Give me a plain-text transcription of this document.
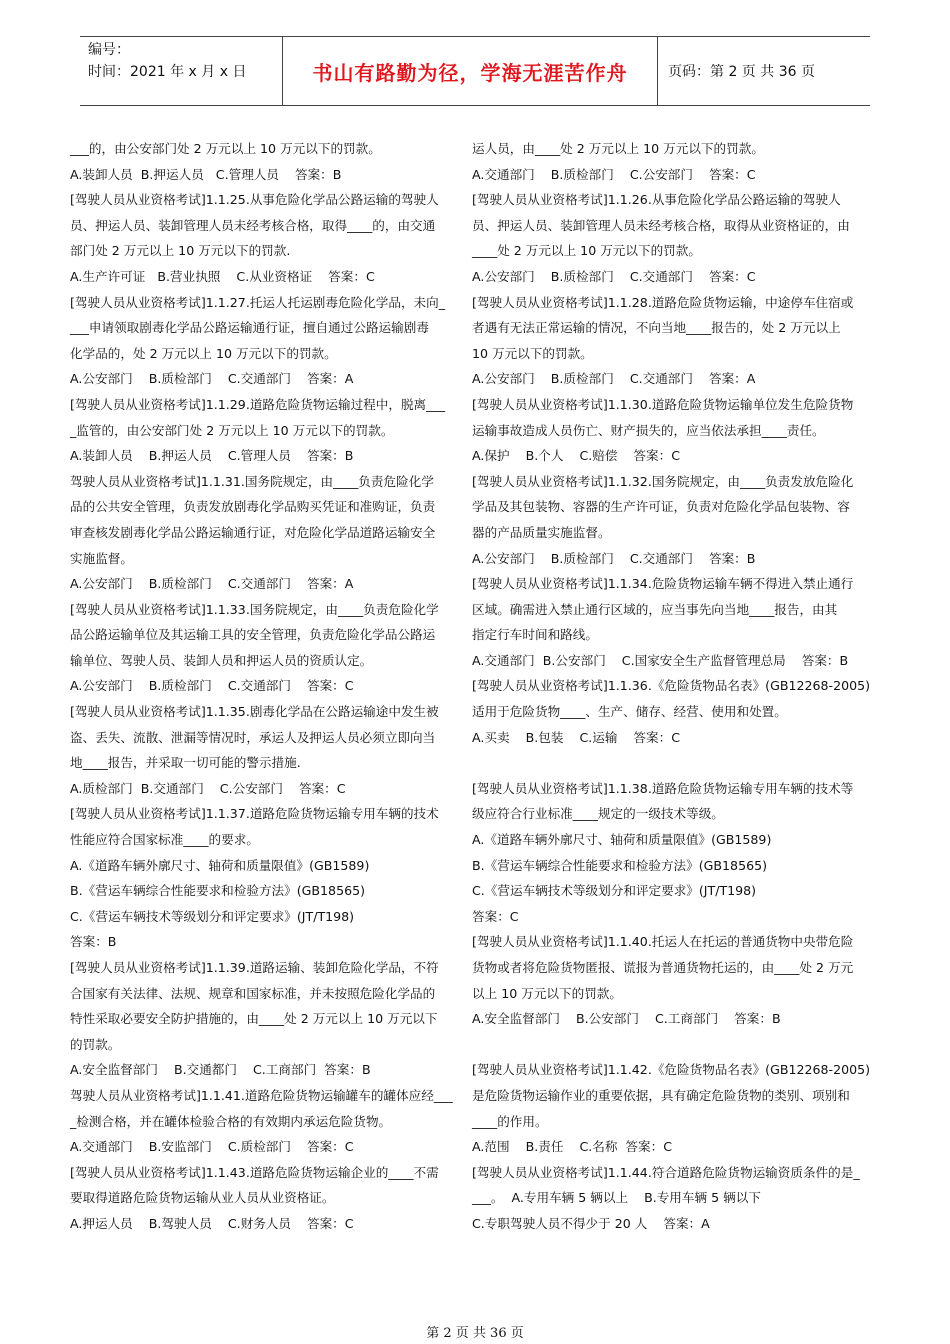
编号：
时间：2021 年 x 月 x 日	书山有路勤为径，学海无涯苦作舟	页码：第 2 页 共 36 页

___的，由公安部门处 2 万元以上 10 万元以下的罚款。

A.装卸人员  B.押运人员   C.管理人员    答案：B

[驾驶人员从业资格考试]1.1.25.从事危险化学品公路运输的驾驶人

员、押运人员、装卸管理人员未经考核合格，取得____的，由交通

部门处 2 万元以上 10 万元以下的罚款.

A.生产许可证   B.营业执照    C.从业资格证    答案：C

[驾驶人员从业资格考试]1.1.27.托运人托运剧毒危险化学品，未向_

___申请领取剧毒化学品公路运输通行证，擅自通过公路运输剧毒

化学品的，处 2 万元以上 10 万元以下的罚款。

A.公安部门    B.质检部门    C.交通部门    答案：A

[驾驶人员从业资格考试]1.1.29.道路危险货物运输过程中，脱离___

_监管的，由公安部门处 2 万元以上 10 万元以下的罚款。

A.装卸人员    B.押运人员    C.管理人员    答案：B

驾驶人员从业资格考试]1.1.31.国务院规定，由____负责危险化学

品的公共安全管理，负责发放剧毒化学品购买凭证和准购证，负责

审查核发剧毒化学品公路运输通行证，对危险化学品道路运输安全

实施监督。

A.公安部门    B.质检部门    C.交通部门    答案：A

[驾驶人员从业资格考试]1.1.33.国务院规定，由____负责危险化学

品公路运输单位及其运输工具的安全管理，负责危险化学品公路运

输单位、驾驶人员、装卸人员和押运人员的资质认定。

A.公安部门    B.质检部门    C.交通部门    答案：C

[驾驶人员从业资格考试]1.1.35.剧毒化学品在公路运输途中发生被

盗、丢失、流散、泄漏等情况时，承运人及押运人员必须立即向当

地____报告，并采取一切可能的警示措施.

A.质检部门  B.交通部门    C.公安部门    答案：C

[驾驶人员从业资格考试]1.1.37.道路危险货物运输专用车辆的技术

性能应符合国家标准____的要求。

A.《道路车辆外廓尺寸、轴荷和质量限值》(GB1589)

B.《营运车辆综合性能要求和检验方法》(GB18565)

C.《营运车辆技术等级划分和评定要求》(JT/T198)

答案：B

[驾驶人员从业资格考试]1.1.39.道路运输、装卸危险化学品，不符

合国家有关法律、法规、规章和国家标准，并未按照危险化学品的

特性采取必要安全防护措施的，由____处 2 万元以上 10 万元以下

的罚款。

A.安全监督部门    B.交通都门    C.工商部门  答案：B

驾驶人员从业资格考试]1.1.41.道路危险货物运输罐车的罐体应经___

_检测合格，并在罐体检验合格的有效期内承运危险货物。

A.交通部门    B.安监部门    C.质检部门    答案：C

[驾驶人员从业资格考试]1.1.43.道路危险货物运输企业的____不需

要取得道路危险货物运输从业人员从业资格证。

A.押运人员    B.驾驶人员    C.财务人员    答案：C

运人员，由____处 2 万元以上 10 万元以下的罚款。

A.交通部门    B.质检部门    C.公安部门    答案：C

[驾驶人员从业资格考试]1.1.26.从事危险化学品公路运输的驾驶人

员、押运人员、装卸管理人员未经考核合格，取得从业资格证的，由

____处 2 万元以上 10 万元以下的罚款。

A.公安部门    B.质检部门    C.交通部门    答案：C

[驾驶人员从业资格考试]1.1.28.道路危险货物运输，中途停车住宿或

者遇有无法正常运输的情况，不向当地____报告的，处 2 万元以上

10 万元以下的罚款。

A.公安部门    B.质检部门    C.交通部门    答案：A

[驾驶人员从业资格考试]1.1.30.道路危险货物运输单位发生危险货物

运输事故造成人员伤亡、财产损失的，应当依法承担____责任。

A.保护    B.个人    C.赔偿    答案：C

[驾驶人员从业资格考试]1.1.32.国务院规定，由____负责发放危险化

学品及其包装物、容器的生产许可证，负责对危险化学品包装物、容

器的产品质量实施监督。

A.公安部门    B.质检部门    C.交通部门    答案：B

[驾驶人员从业资格考试]1.1.34.危险货物运输车辆不得进入禁止通行

区域。确需进入禁止通行区域的，应当事先向当地____报告，由其

指定行车时间和路线。

A.交通部门  B.公安部门    C.国家安全生产监督管理总局    答案：B

[驾驶人员从业资格考试]1.1.36.《危险货物品名表》(GB12268-2005)

适用于危险货物____、生产、储存、经营、使用和处置。

A.买卖    B.包装    C.运输    答案：C

[驾驶人员从业资格考试]1.1.38.道路危险货物运输专用车辆的技术等

级应符合行业标准____规定的一级技术等级。

A.《道路车辆外廓尺寸、轴荷和质量限值》(GB1589)

B.《营运车辆综合性能要求和检验方法》(GB18565)

C.《营运车辆技术等级划分和评定要求》(JT/T198)

答案：C

[驾驶人员从业资格考试]1.1.40.托运人在托运的普通货物中央带危险

货物或者将危险货物匿报、谎报为普通货物托运的，由____处 2 万元

以上 10 万元以下的罚款。

A.安全监督部门    B.公安部门    C.工商部门    答案：B

[驾驶人员从业资格考试]1.1.42.《危险货物品名表》(GB12268-2005)

是危险货物运输作业的重要依据，具有确定危险货物的类别、项别和

____的作用。

A.范围    B.责任    C.名称  答案：C

[驾驶人员从业资格考试]1.1.44.符合道路危险货物运输资质条件的是_

___。  A.专用车辆 5 辆以上    B.专用车辆 5 辆以下

C.专职驾驶人员不得少于 20 人    答案：A

第 2 页 共 36 页
